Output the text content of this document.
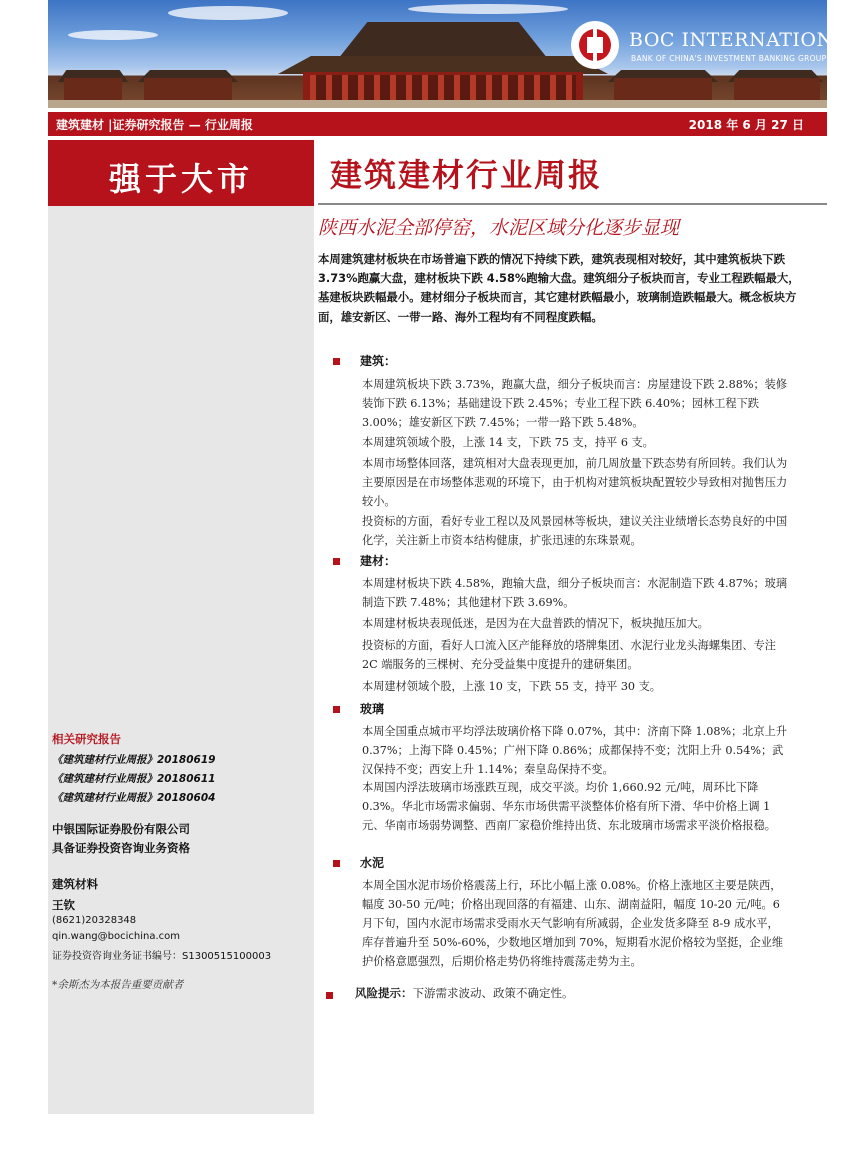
BOC INTERNATIONAL
BANK OF CHINA'S INVESTMENT BANKING GROUP
建筑建材 |证券研究报告 — 行业周报	2018 年 6 月 27 日
强于大市
相关研究报告
《建筑建材行业周报》20180619
《建筑建材行业周报》20180611
《建筑建材行业周报》20180604
中银国际证券股份有限公司
具备证券投资咨询业务资格
建筑材料
王钦
(8621)20328348
qin.wang@bocichina.com
证券投资咨询业务证书编号：S1300515100003
*余斯杰为本报告重要贡献者
建筑建材行业周报
陕西水泥全部停窑，水泥区域分化逐步显现
本周建筑建材板块在市场普遍下跌的情况下持续下跌，建筑表现相对较好，其中建筑板块下跌 3.73%跑赢大盘，建材板块下跌 4.58%跑输大盘。建筑细分子板块而言，专业工程跌幅最大，基建板块跌幅最小。建材细分子板块而言，其它建材跌幅最小，玻璃制造跌幅最大。概念板块方面，雄安新区、一带一路、海外工程均有不同程度跌幅。
建筑：
本周建筑板块下跌 3.73%，跑赢大盘，细分子板块而言：房屋建设下跌 2.88%；装修装饰下跌 6.13%；基础建设下跌 2.45%；专业工程下跌 6.40%；园林工程下跌 3.00%；雄安新区下跌 7.45%；一带一路下跌 5.48%。
本周建筑领域个股，上涨 14 支，下跌 75 支，持平 6 支。
本周市场整体回落，建筑相对大盘表现更加，前几周放量下跌态势有所回转。我们认为主要原因是在市场整体悲观的环境下，由于机构对建筑板块配置较少导致相对抛售压力较小。
投资标的方面，看好专业工程以及风景园林等板块，建议关注业绩增长态势良好的中国化学，关注新上市资本结构健康，扩张迅速的东珠景观。
建材：
本周建材板块下跌 4.58%，跑输大盘，细分子板块而言：水泥制造下跌 4.87%；玻璃制造下跌 7.48%；其他建材下跌 3.69%。
本周建材板块表现低迷，是因为在大盘普跌的情况下，板块抛压加大。
投资标的方面，看好人口流入区产能释放的塔牌集团、水泥行业龙头海螺集团、专注 2C 端服务的三棵树、充分受益集中度提升的建研集团。
本周建材领域个股，上涨 10 支，下跌 55 支，持平 30 支。
玻璃
本周全国重点城市平均浮法玻璃价格下降 0.07%，其中：济南下降 1.08%；北京上升 0.37%；上海下降 0.45%；广州下降 0.86%；成都保持不变；沈阳上升 0.54%；武汉保持不变；西安上升 1.14%；秦皇岛保持不变。
本周国内浮法玻璃市场涨跌互现，成交平淡。均价 1,660.92 元/吨，周环比下降 0.3%。华北市场需求偏弱、华东市场供需平淡整体价格有所下滑、华中价格上调 1 元、华南市场弱势调整、西南厂家稳价维持出货、东北玻璃市场需求平淡价格报稳。
水泥
本周全国水泥市场价格震荡上行，环比小幅上涨 0.08%。价格上涨地区主要是陕西，幅度 30-50 元/吨；价格出现回落的有福建、山东、湖南益阳，幅度 10-20 元/吨。6 月下旬，国内水泥市场需求受雨水天气影响有所减弱，企业发货多降至 8-9 成水平，库存普遍升至 50%-60%，少数地区增加到 70%，短期看水泥价格较为坚挺，企业维护价格意愿强烈，后期价格走势仍将维持震荡走势为主。
风险提示：下游需求波动、政策不确定性。
